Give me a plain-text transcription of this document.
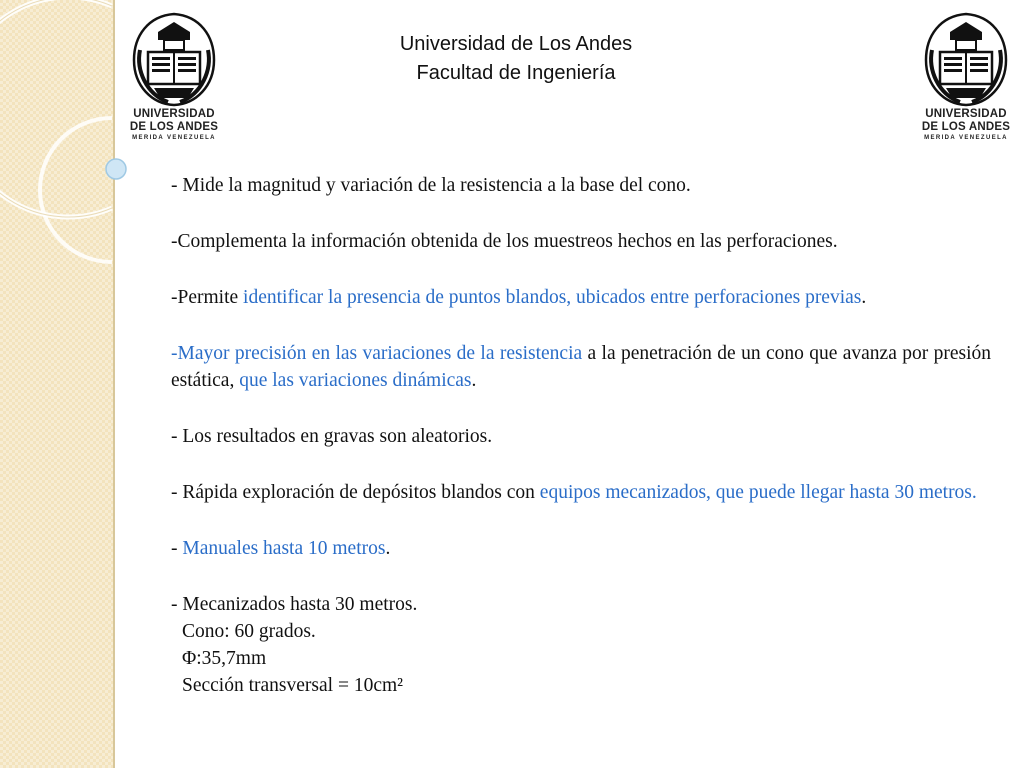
UNIVERSIDAD
DE LOS ANDES
MERIDA VENEZUELA
UNIVERSIDAD
DE LOS ANDES
MERIDA VENEZUELA
Universidad de Los Andes
Facultad de Ingeniería

- Mide la magnitud y variación de la resistencia a la base del cono.

-Complementa la información obtenida de los muestreos hechos en las perforaciones.

-Permite identificar la presencia de puntos blandos, ubicados entre perforaciones previas.

-Mayor precisión en las variaciones de la resistencia a la penetración de un cono que avanza por presión estática, que las variaciones dinámicas.

- Los resultados en gravas son aleatorios.

- Rápida exploración de depósitos blandos con equipos mecanizados, que puede llegar hasta 30 metros.

- Manuales hasta 10 metros.

- Mecanizados hasta 30 metros.
Cono: 60 grados.
Φ:35,7mm
Sección transversal = 10cm²
